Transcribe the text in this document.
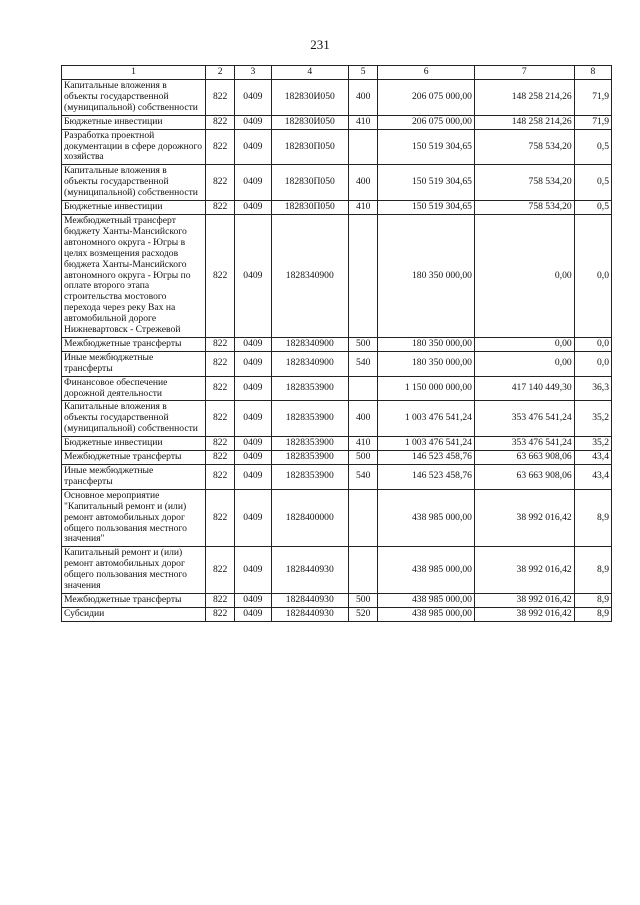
231
1	2	3	4	5	6	7	8
Капитальные вложения в объекты государственной (муниципальной) собственности	822	0409	182830И050	400	206 075 000,00	148 258 214,26	71,9
Бюджетные инвестиции	822	0409	182830И050	410	206 075 000,00	148 258 214,26	71,9
Разработка проектной документации в сфере дорожного хозяйства	822	0409	182830П050		150 519 304,65	758 534,20	0,5
Капитальные вложения в объекты государственной (муниципальной) собственности	822	0409	182830П050	400	150 519 304,65	758 534,20	0,5
Бюджетные инвестиции	822	0409	182830П050	410	150 519 304,65	758 534,20	0,5
Межбюджетный трансферт бюджету Ханты-Мансийского автономного округа - Югры в целях возмещения расходов бюджета Ханты-Мансийского автономного округа - Югры по оплате второго этапа строительства мостового перехода через реку Вах на автомобильной дороге Нижневартовск - Стрежевой	822	0409	1828340900		180 350 000,00	0,00	0,0
Межбюджетные трансферты	822	0409	1828340900	500	180 350 000,00	0,00	0,0
Иные межбюджетные трансферты	822	0409	1828340900	540	180 350 000,00	0,00	0,0
Финансовое обеспечение дорожной деятельности	822	0409	1828353900		1 150 000 000,00	417 140 449,30	36,3
Капитальные вложения в объекты государственной (муниципальной) собственности	822	0409	1828353900	400	1 003 476 541,24	353 476 541,24	35,2
Бюджетные инвестиции	822	0409	1828353900	410	1 003 476 541,24	353 476 541,24	35,2
Межбюджетные трансферты	822	0409	1828353900	500	146 523 458,76	63 663 908,06	43,4
Иные межбюджетные трансферты	822	0409	1828353900	540	146 523 458,76	63 663 908,06	43,4
Основное мероприятие "Капитальный ремонт и (или) ремонт автомобильных дорог общего пользования местного значения"	822	0409	1828400000		438 985 000,00	38 992 016,42	8,9
Капитальный ремонт и (или) ремонт автомобильных дорог общего пользования местного значения	822	0409	1828440930		438 985 000,00	38 992 016,42	8,9
Межбюджетные трансферты	822	0409	1828440930	500	438 985 000,00	38 992 016,42	8,9
Субсидии	822	0409	1828440930	520	438 985 000,00	38 992 016,42	8,9
